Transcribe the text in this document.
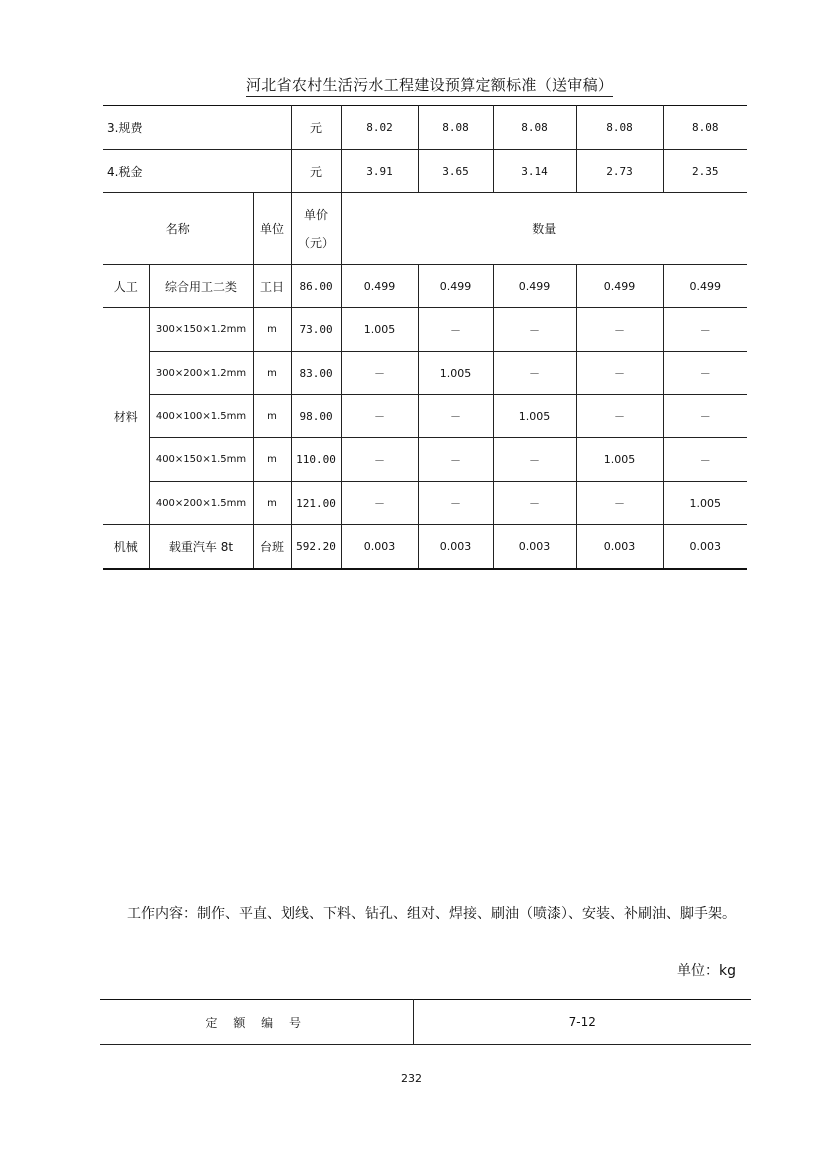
河北省农村生活污水工程建设预算定额标准（送审稿）
3.规费			元	8.02	8.08	8.08	8.08	8.08
4.税金			元	3.91	3.65	3.14	2.73	2.35
名称		单位	单价（元）	数量				
人工	综合用工二类	工日	86.00	0.499	0.499	0.499	0.499	0.499
材料	300×150×1.2mm	m	73.00	1.005	－	－	－	－
	300×200×1.2mm	m	83.00	－	1.005	－	－	－
	400×100×1.5mm	m	98.00	－	－	1.005	－	－
	400×150×1.5mm	m	110.00	－	－	－	1.005	－
	400×200×1.5mm	m	121.00	－	－	－	－	1.005
机械	载重汽车 8t	台班	592.20	0.003	0.003	0.003	0.003	0.003
工作内容：制作、平直、划线、下料、钻孔、组对、焊接、刷油（喷漆）、安装、补刷油、脚手架。
单位：kg
定 额 编 号	7-12
232
